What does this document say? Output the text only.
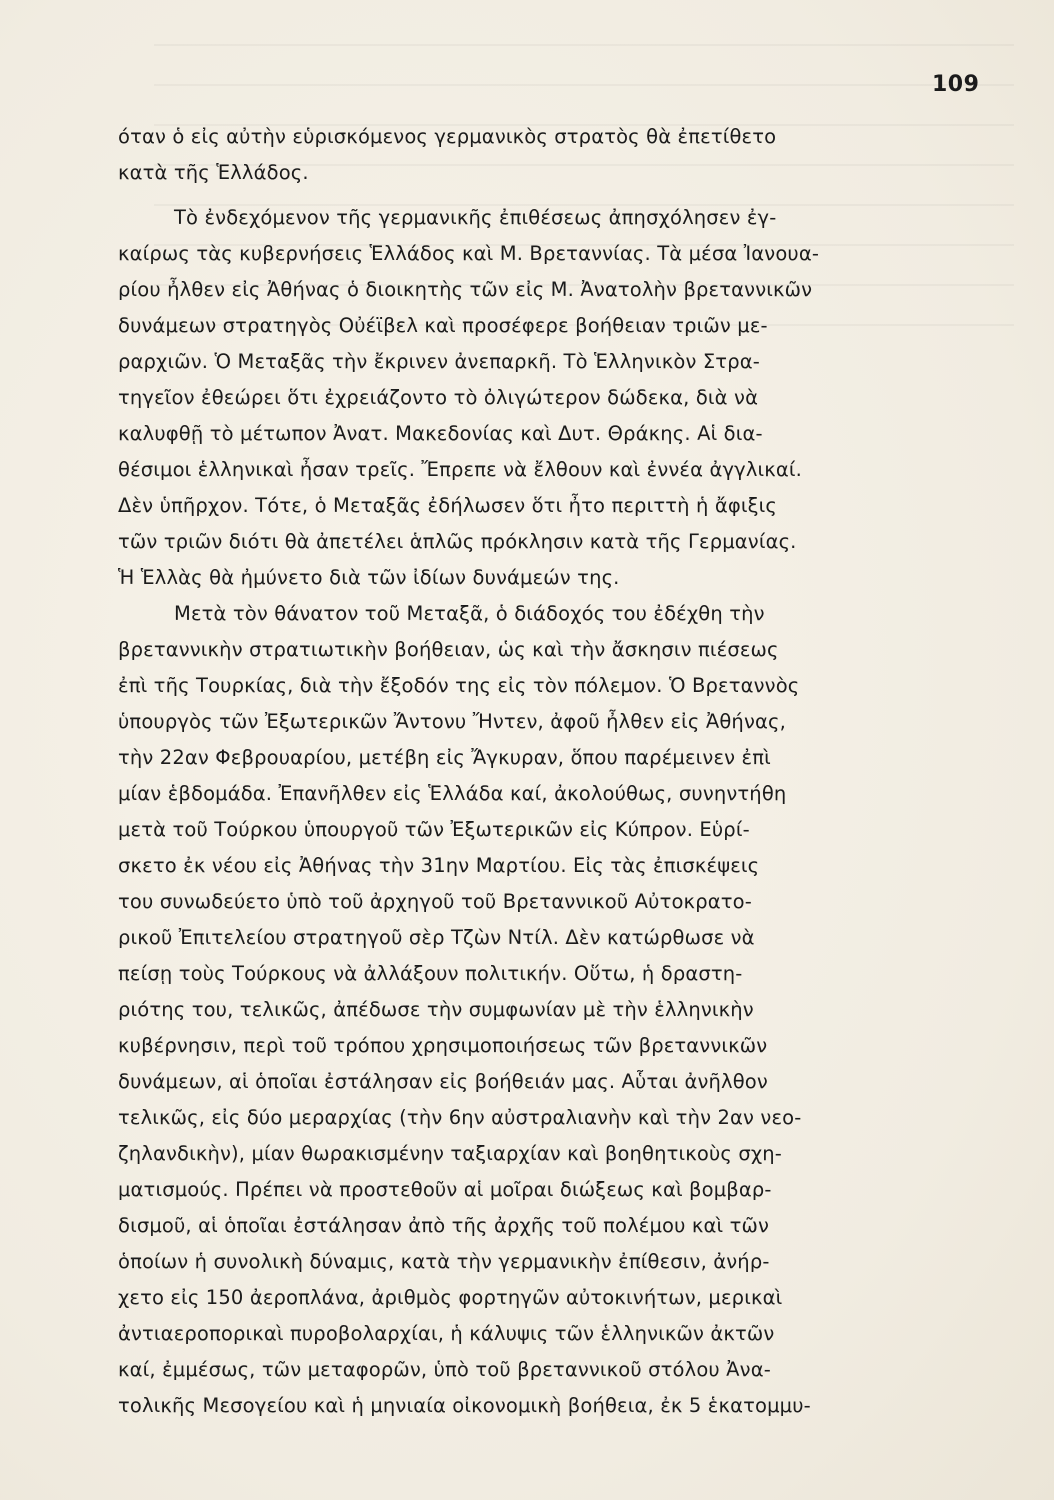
109
όταν ὁ εἰς αὐτὴν εὑρισκόμενος γερμανικὸς στρατὸς θὰ ἐπετίθετο
κατὰ τῆς Ἑλλάδος.
Τὸ ἐνδεχόμενον τῆς γερμανικῆς ἐπιθέσεως ἀπησχόλησεν ἐγ-
καίρως τὰς κυβερνήσεις Ἑλλάδος καὶ Μ. Βρεταννίας. Τὰ μέσα Ἰανουα-
ρίου ἦλθεν εἰς Ἀθήνας ὁ διοικητὴς τῶν εἰς Μ. Ἀνατολὴν βρεταννικῶν
δυνάμεων στρατηγὸς Οὐέϊβελ καὶ προσέφερε βοήθειαν τριῶν με-
ραρχιῶν. Ὁ Μεταξᾶς τὴν ἔκρινεν ἀνεπαρκῆ. Τὸ Ἑλληνικὸν Στρα-
τηγεῖον ἐθεώρει ὅτι ἐχρειάζοντο τὸ ὀλιγώτερον δώδεκα, διὰ νὰ
καλυφθῇ τὸ μέτωπον Ἀνατ. Μακεδονίας καὶ Δυτ. Θράκης. Αἱ δια-
θέσιμοι ἑλληνικαὶ ἦσαν τρεῖς. Ἔπρεπε νὰ ἔλθουν καὶ ἐννέα ἀγγλικαί.
Δὲν ὑπῆρχον. Τότε, ὁ Μεταξᾶς ἐδήλωσεν ὅτι ἦτο περιττὴ ἡ ἄφιξις
τῶν τριῶν διότι θὰ ἀπετέλει ἁπλῶς πρόκλησιν κατὰ τῆς Γερμανίας.
Ἡ Ἑλλὰς θὰ ἠμύνετο διὰ τῶν ἰδίων δυνάμεών της.
Μετὰ τὸν θάνατον τοῦ Μεταξᾶ, ὁ διάδοχός του ἐδέχθη τὴν
βρεταννικὴν στρατιωτικὴν βοήθειαν, ὡς καὶ τὴν ἄσκησιν πιέσεως
ἐπὶ τῆς Τουρκίας, διὰ τὴν ἔξοδόν της εἰς τὸν πόλεμον. Ὁ Βρεταννὸς
ὑπουργὸς τῶν Ἐξωτερικῶν Ἄντονυ Ἤντεν, ἀφοῦ ἦλθεν εἰς Ἀθήνας,
τὴν 22αν Φεβρουαρίου, μετέβη εἰς Ἄγκυραν, ὅπου παρέμεινεν ἐπὶ
μίαν ἑβδομάδα. Ἐπανῆλθεν εἰς Ἑλλάδα καί, ἀκολούθως, συνηντήθη
μετὰ τοῦ Τούρκου ὑπουργοῦ τῶν Ἐξωτερικῶν εἰς Κύπρον. Εὑρί-
σκετο ἐκ νέου εἰς Ἀθήνας τὴν 31ην Μαρτίου. Εἰς τὰς ἐπισκέψεις
του συνωδεύετο ὑπὸ τοῦ ἀρχηγοῦ τοῦ Βρεταννικοῦ Αὐτοκρατο-
ρικοῦ Ἐπιτελείου στρατηγοῦ σὲρ Τζὼν Ντίλ. Δὲν κατώρθωσε νὰ
πείσῃ τοὺς Τούρκους νὰ ἀλλάξουν πολιτικήν. Οὕτω, ἡ δραστη-
ριότης του, τελικῶς, ἀπέδωσε τὴν συμφωνίαν μὲ τὴν ἑλληνικὴν
κυβέρνησιν, περὶ τοῦ τρόπου χρησιμοποιήσεως τῶν βρεταννικῶν
δυνάμεων, αἱ ὁποῖαι ἐστάλησαν εἰς βοήθειάν μας. Αὗται ἀνῆλθον
τελικῶς, εἰς δύο μεραρχίας (τὴν 6ην αὐστραλιανὴν καὶ τὴν 2αν νεο-
ζηλανδικὴν), μίαν θωρακισμένην ταξιαρχίαν καὶ βοηθητικοὺς σχη-
ματισμούς. Πρέπει νὰ προστεθοῦν αἱ μοῖραι διώξεως καὶ βομβαρ-
δισμοῦ, αἱ ὁποῖαι ἐστάλησαν ἀπὸ τῆς ἀρχῆς τοῦ πολέμου καὶ τῶν
ὁποίων ἡ συνολικὴ δύναμις, κατὰ τὴν γερμανικὴν ἐπίθεσιν, ἀνήρ-
χετο εἰς 150 ἀεροπλάνα, ἀριθμὸς φορτηγῶν αὐτοκινήτων, μερικαὶ
ἀντιαεροπορικαὶ πυροβολαρχίαι, ἡ κάλυψις τῶν ἑλληνικῶν ἀκτῶν
καί, ἐμμέσως, τῶν μεταφορῶν, ὑπὸ τοῦ βρεταννικοῦ στόλου Ἀνα-
τολικῆς Μεσογείου καὶ ἡ μηνιαία οἰκονομικὴ βοήθεια, ἐκ 5 ἑκατομμυ-
